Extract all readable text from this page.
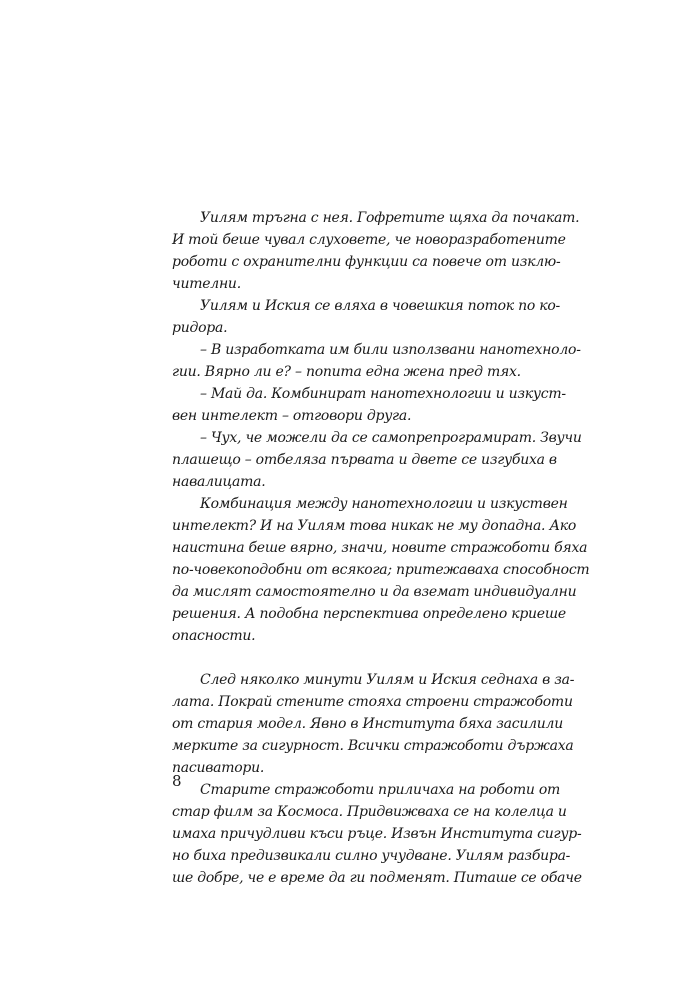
Уилям тръгна с нея. Гофретите щяха да почакат.
И той беше чувал слуховете, че новоразработените
роботи с охранителни функции са повече от изклю-
чителни.
Уилям и Иския се вляха в човешкия поток по ко-
ридора.
– В изработката им били използвани нанотехноло-
гии. Вярно ли е? – попита една жена пред тях.
– Май да. Комбинират нанотехнологии и изкуст-
вен интелект – отговори друга.
– Чух, че можели да се самопрепрограмират. Звучи
плашещо – отбеляза първата и двете се изгубиха в
навалицата.
Комбинация между нанотехнологии и изкуствен
интелект? И на Уилям това никак не му допадна. Ако
наистина беше вярно, значи, новите стражоботи бяха
по-човекоподобни от всякога; притежаваха способност
да мислят самостоятелно и да вземат индивидуални
решения. А подобна перспектива определено криеше
опасности.
След няколко минути Уилям и Иския седнаха в за-
лата. Покрай стените стояха строени стражоботи
от стария модел. Явно в Института бяха засилили
мерките за сигурност. Всички стражоботи държаха
пасиватори.
Старите стражоботи приличаха на роботи от
стар филм за Космоса. Придвижваха се на колелца и
имаха причудливи къси ръце. Извън Института сигур-
но биха предизвикали силно учудване. Уилям разбира-
ше добре, че е време да ги подменят. Питаше се обаче
8
